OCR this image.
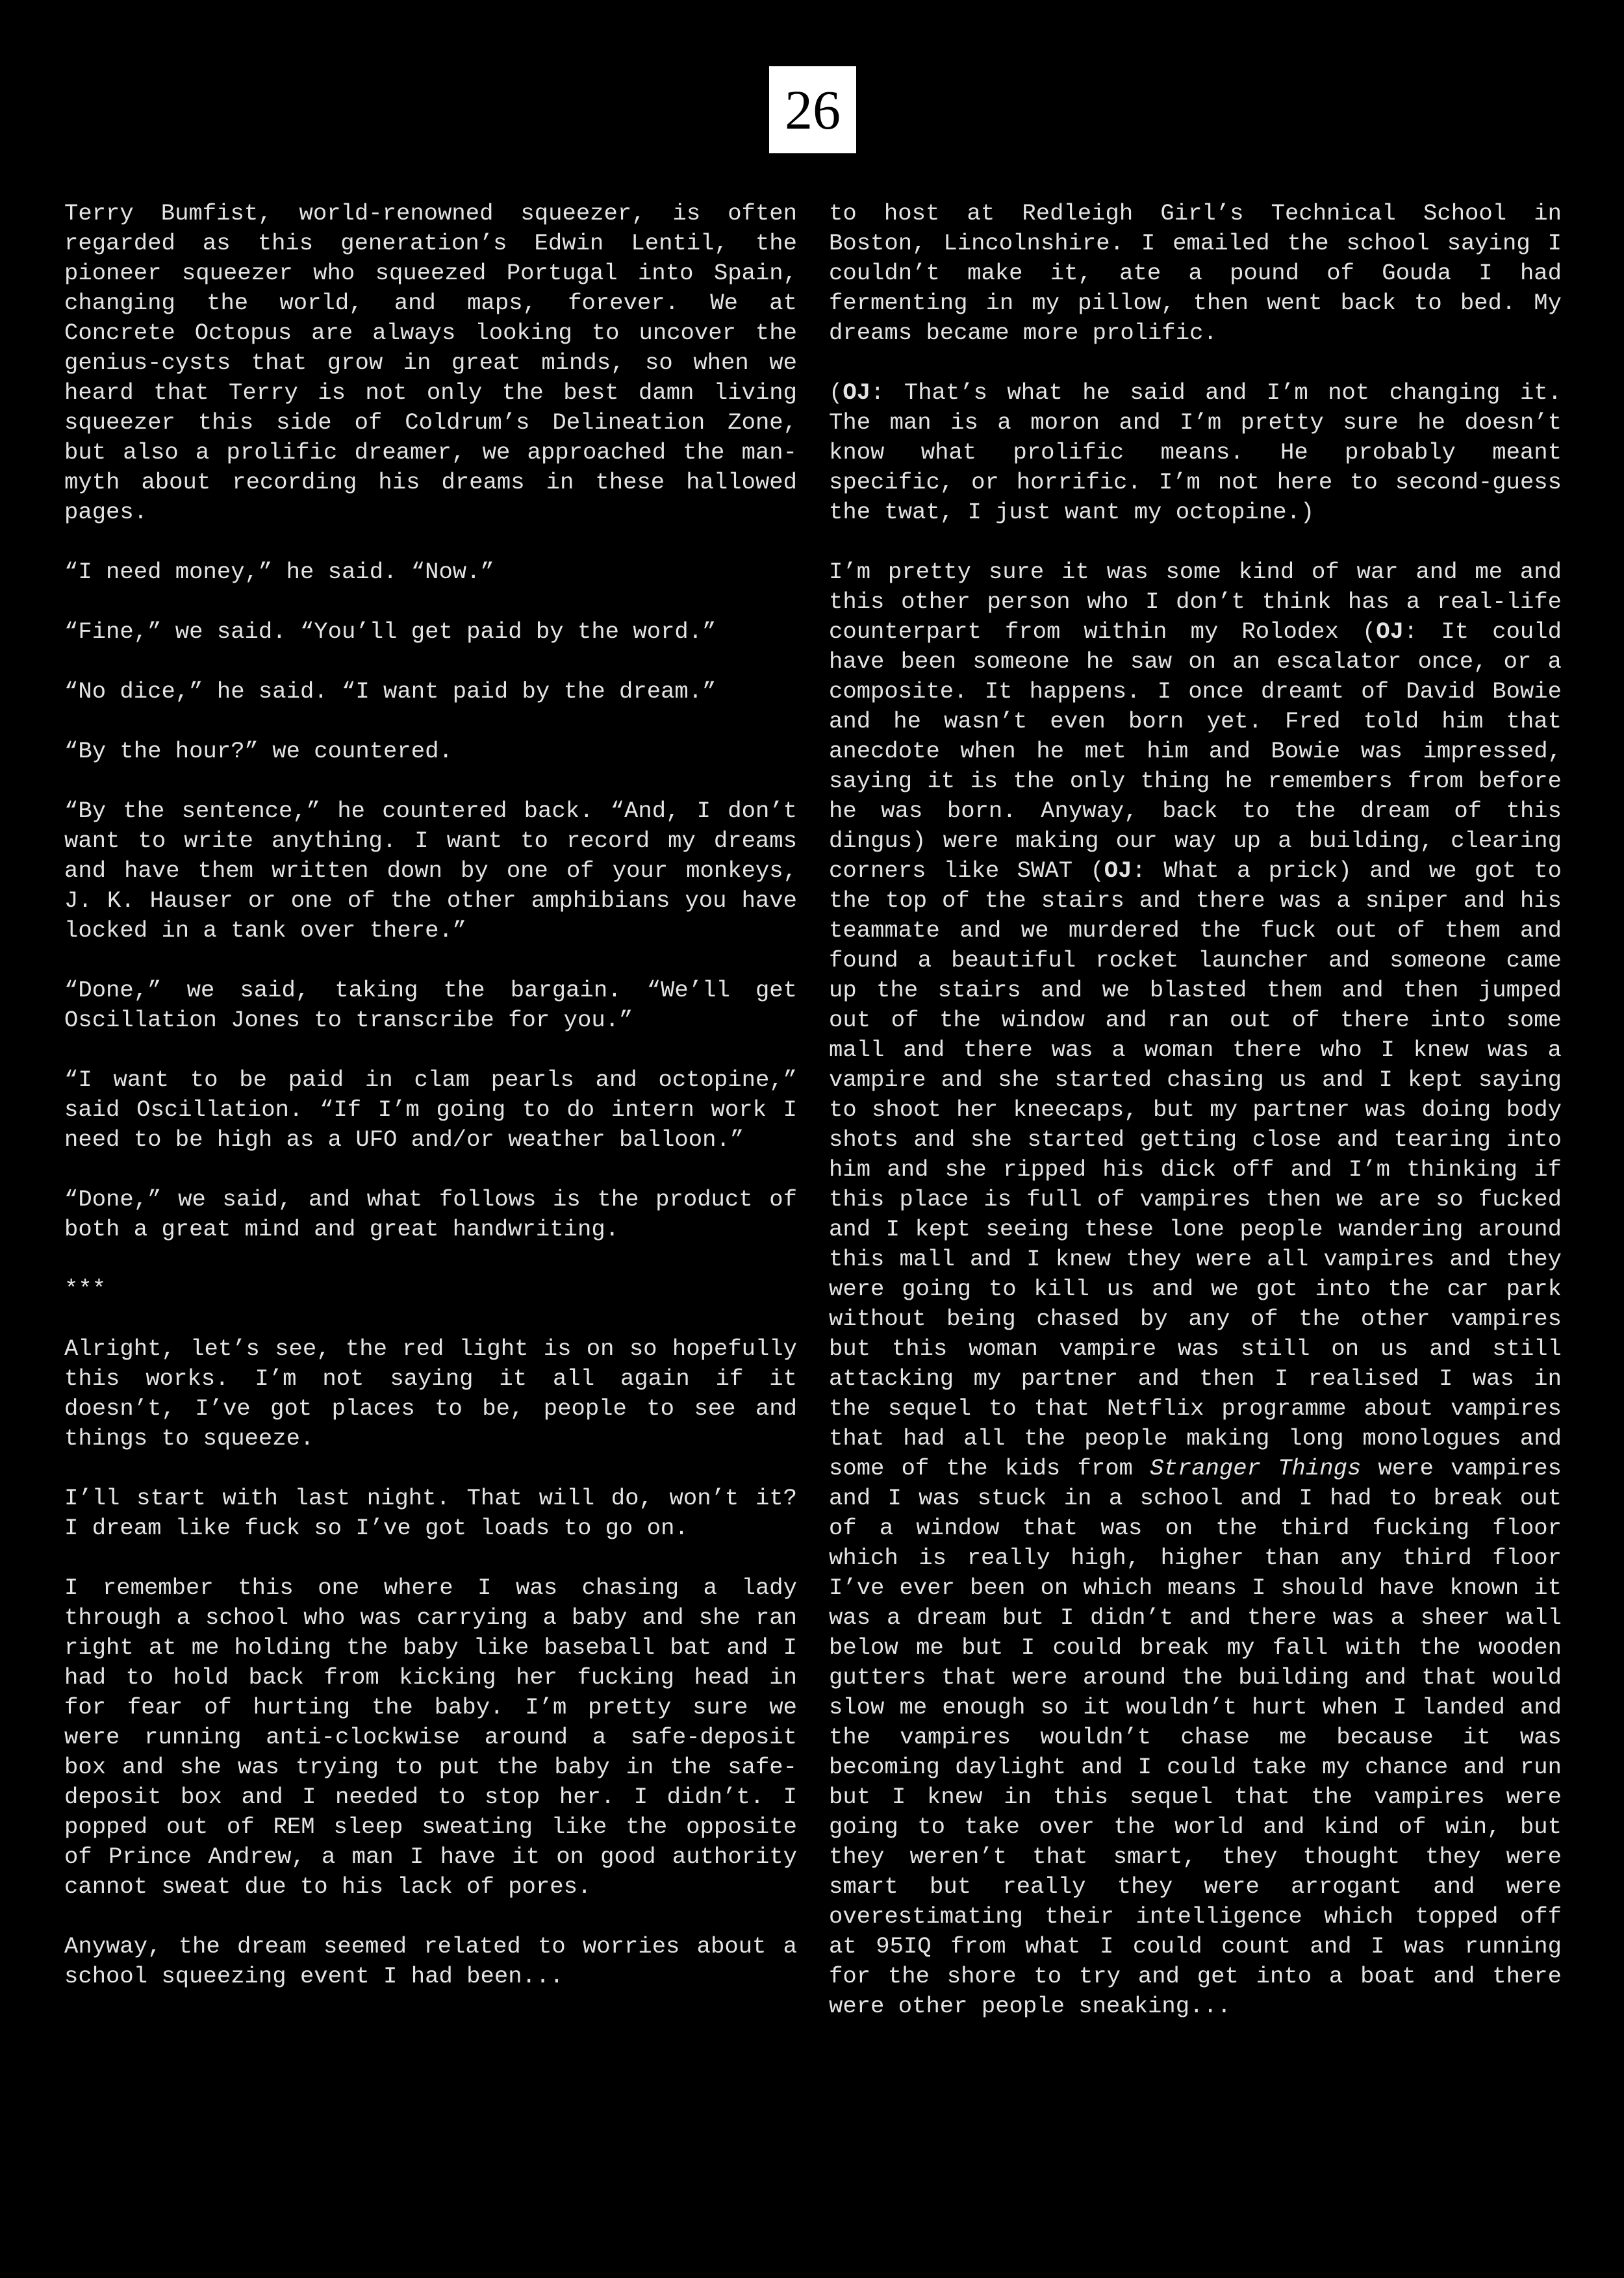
26

Terry Bumfist, world-renowned squeezer, is often regarded as this generation’s Edwin Lentil, the pioneer squeezer who squeezed Portugal into Spain, changing the world, and maps, forever. We at Concrete Octopus are always looking to uncover the genius-cysts that grow in great minds, so when we heard that Terry is not only the best damn living squeezer this side of Coldrum’s Delineation Zone, but also a prolific dreamer, we approached the man-myth about recording his dreams in these hallowed pages.

“I need money,” he said. “Now.”

“Fine,” we said. “You’ll get paid by the word.”

“No dice,” he said. “I want paid by the dream.”

“By the hour?” we countered.

“By the sentence,” he countered back. “And, I don’t want to write anything. I want to record my dreams and have them written down by one of your monkeys, J. K. Hauser or one of the other amphibians you have locked in a tank over there.”

“Done,” we said, taking the bargain. “We’ll get Oscillation Jones to transcribe for you.”

“I want to be paid in clam pearls and octopine,” said Oscillation. “If I’m going to do intern work I need to be high as a UFO and/or weather balloon.”

“Done,” we said, and what follows is the product of both a great mind and great handwriting.

***

Alright, let’s see, the red light is on so hopefully this works. I’m not saying it all again if it doesn’t, I’ve got places to be, people to see and things to squeeze.

I’ll start with last night. That will do, won’t it? I dream like fuck so I’ve got loads to go on.

I remember this one where I was chasing a lady through a school who was carrying a baby and she ran right at me holding the baby like baseball bat and I had to hold back from kicking her fucking head in for fear of hurting the baby. I’m pretty sure we were running anti-clockwise around a safe-deposit box and she was trying to put the baby in the safe-deposit box and I needed to stop her. I didn’t. I popped out of REM sleep sweating like the opposite of Prince Andrew, a man I have it on good authority cannot sweat due to his lack of pores.

Anyway, the dream seemed related to worries about a school squeezing event I had been...

to host at Redleigh Girl’s Technical School in Boston, Lincolnshire. I emailed the school saying I couldn’t make it, ate a pound of Gouda I had fermenting in my pillow, then went back to bed. My dreams became more prolific.

(OJ: That’s what he said and I’m not changing it. The man is a moron and I’m pretty sure he doesn’t know what prolific means. He probably meant specific, or horrific. I’m not here to second-guess the twat, I just want my octopine.)

I’m pretty sure it was some kind of war and me and this other person who I don’t think has a real-life counterpart from within my Rolodex (OJ: It could have been someone he saw on an escalator once, or a composite. It happens. I once dreamt of David Bowie and he wasn’t even born yet. Fred told him that anecdote when he met him and Bowie was impressed, saying it is the only thing he remembers from before he was born. Anyway, back to the dream of this dingus) were making our way up a building, clearing corners like SWAT (OJ: What a prick) and we got to the top of the stairs and there was a sniper and his teammate and we murdered the fuck out of them and found a beautiful rocket launcher and someone came up the stairs and we blasted them and then jumped out of the window and ran out of there into some mall and there was a woman there who I knew was a vampire and she started chasing us and I kept saying to shoot her kneecaps, but my partner was doing body shots and she started getting close and tearing into him and she ripped his dick off and I’m thinking if this place is full of vampires then we are so fucked and I kept seeing these lone people wandering around this mall and I knew they were all vampires and they were going to kill us and we got into the car park without being chased by any of the other vampires but this woman vampire was still on us and still attacking my partner and then I realised I was in the sequel to that Netflix programme about vampires that had all the people making long monologues and some of the kids from Stranger Things were vampires and I was stuck in a school and I had to break out of a window that was on the third fucking floor which is really high, higher than any third floor I’ve ever been on which means I should have known it was a dream but I didn’t and there was a sheer wall below me but I could break my fall with the wooden gutters that were around the building and that would slow me enough so it wouldn’t hurt when I landed and the vampires wouldn’t chase me because it was becoming daylight and I could take my chance and run but I knew in this sequel that the vampires were going to take over the world and kind of win, but they weren’t that smart, they thought they were smart but really they were arrogant and were overestimating their intelligence which topped off at 95IQ from what I could count and I was running for the shore to try and get into a boat and there were other people sneaking...
